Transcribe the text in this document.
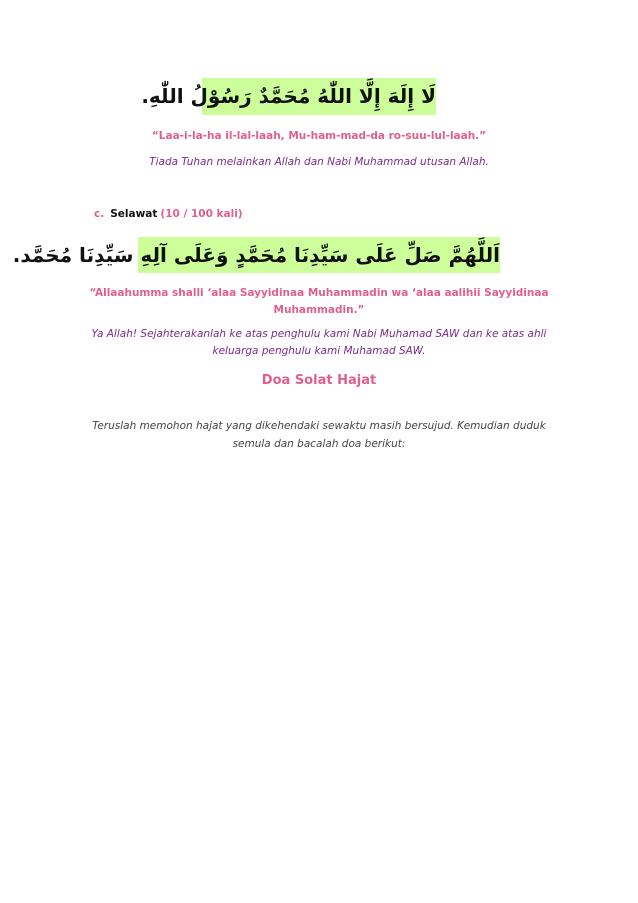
لَا إِلَهَ إِلَّا اللّٰهُ مُحَمَّدٌ رَسُوْلُ اللّٰهِ.
“Laa-i-la-ha il-lal-laah, Mu-ham-mad-da ro-suu-lul-laah.”
Tiada Tuhan melainkan Allah dan Nabi Muhammad utusan Allah.
c. Selawat (10 / 100 kali)
اَللَّهُمَّ صَلِّ عَلَى سَيِّدِنَا مُحَمَّدٍ وَعَلَى آلِهِ سَيِّدِنَا مُحَمَّد.
“Allaahumma shalli ‘alaa Sayyidinaa Muhammadin wa ‘alaa aalihii Sayyidinaa
Muhammadin.”
Ya Allah! Sejahterakanlah ke atas penghulu kami Nabi Muhamad SAW dan ke atas ahli
keluarga penghulu kami Muhamad SAW.
Doa Solat Hajat
Teruslah memohon hajat yang dikehendaki sewaktu masih bersujud. Kemudian duduk
semula dan bacalah doa berikut:
